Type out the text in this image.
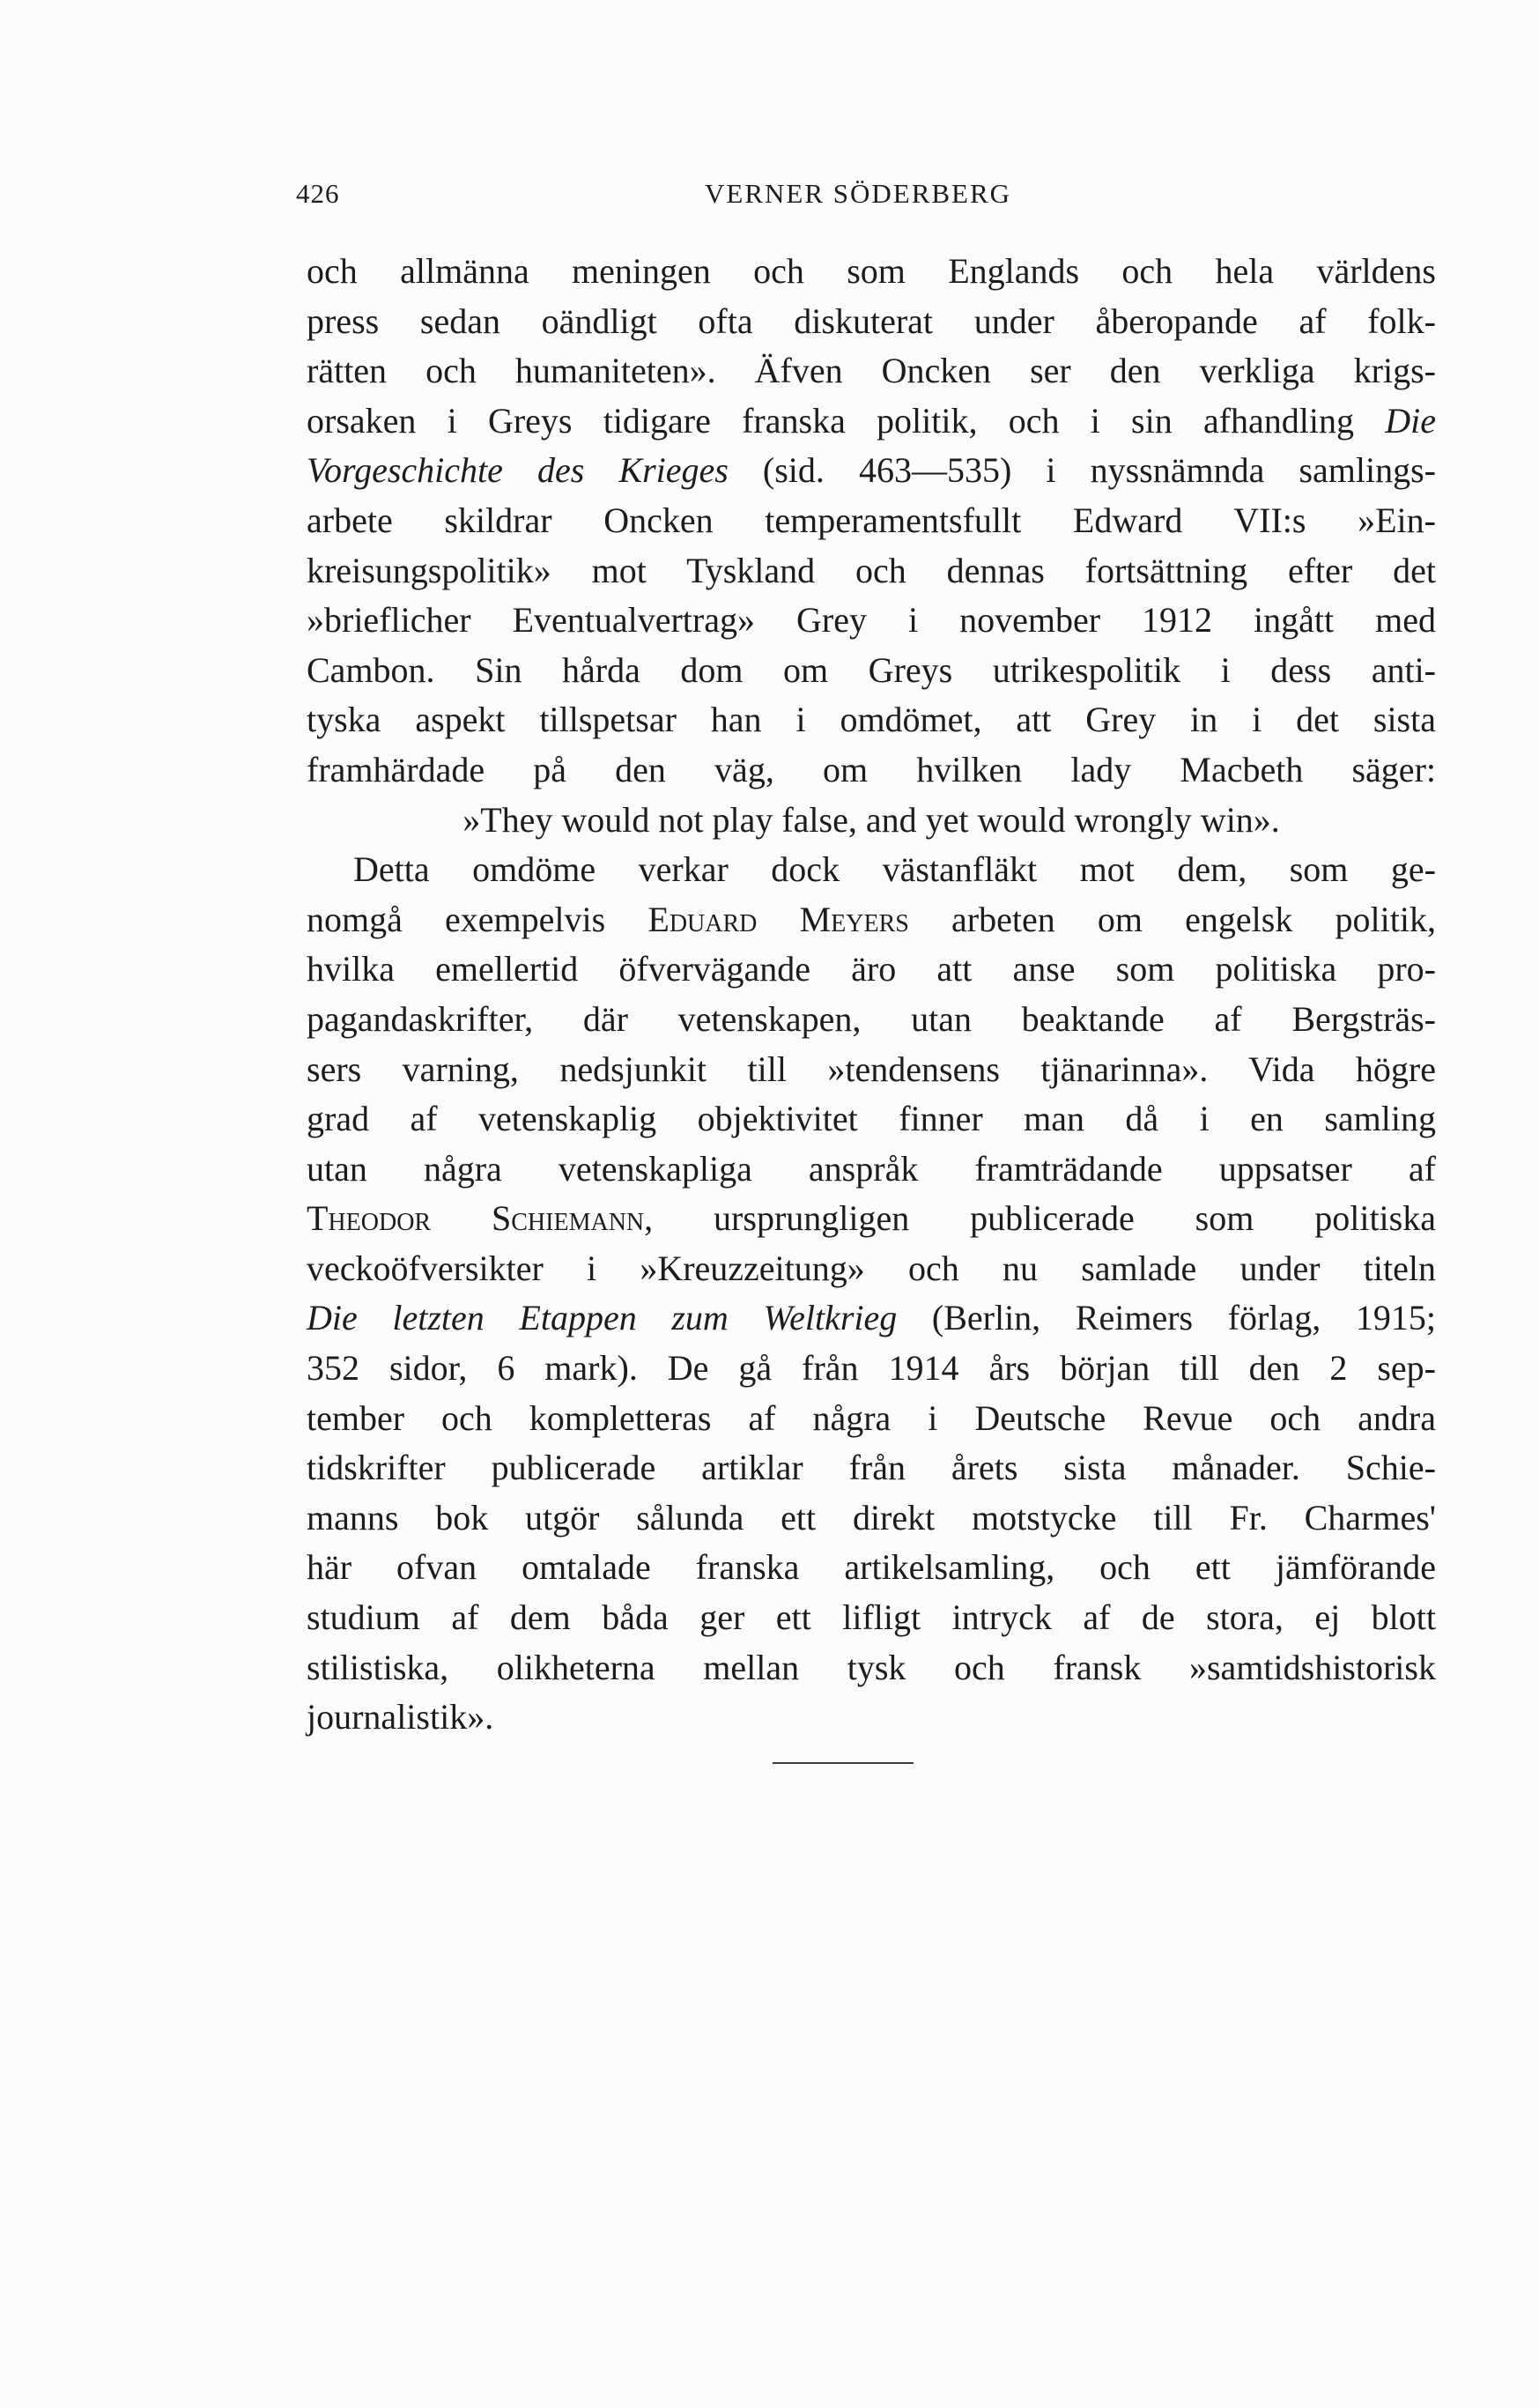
426	VERNER SÖDERBERG
och allmänna meningen och som Englands och hela världens
press sedan oändligt ofta diskuterat under åberopande af folk-
rätten och humaniteten». Äfven Oncken ser den verkliga krigs-
orsaken i Greys tidigare franska politik, och i sin afhandling Die
Vorgeschichte des Krieges (sid. 463—535) i nyssnämnda samlings-
arbete skildrar Oncken temperamentsfullt Edward VII:s »Ein-
kreisungspolitik» mot Tyskland och dennas fortsättning efter det
»brieflicher Eventualvertrag» Grey i november 1912 ingått med
Cambon. Sin hårda dom om Greys utrikespolitik i dess anti-
tyska aspekt tillspetsar han i omdömet, att Grey in i det sista
framhärdade på den väg, om hvilken lady Macbeth säger:
»They would not play false, and yet would wrongly win».
Detta omdöme verkar dock västanfläkt mot dem, som ge-
nomgå exempelvis Eduard Meyers arbeten om engelsk politik,
hvilka emellertid öfvervägande äro att anse som politiska pro-
pagandaskrifter, där vetenskapen, utan beaktande af Bergsträs-
sers varning, nedsjunkit till »tendensens tjänarinna». Vida högre
grad af vetenskaplig objektivitet finner man då i en samling
utan några vetenskapliga anspråk framträdande uppsatser af
Theodor Schiemann, ursprungligen publicerade som politiska
veckoöfversikter i »Kreuzzeitung» och nu samlade under titeln
Die letzten Etappen zum Weltkrieg (Berlin, Reimers förlag, 1915;
352 sidor, 6 mark). De gå från 1914 års början till den 2 sep-
tember och kompletteras af några i Deutsche Revue och andra
tidskrifter publicerade artiklar från årets sista månader. Schie-
manns bok utgör sålunda ett direkt motstycke till Fr. Charmes'
här ofvan omtalade franska artikelsamling, och ett jämförande
studium af dem båda ger ett lifligt intryck af de stora, ej blott
stilistiska, olikheterna mellan tysk och fransk »samtidshistorisk
journalistik».
